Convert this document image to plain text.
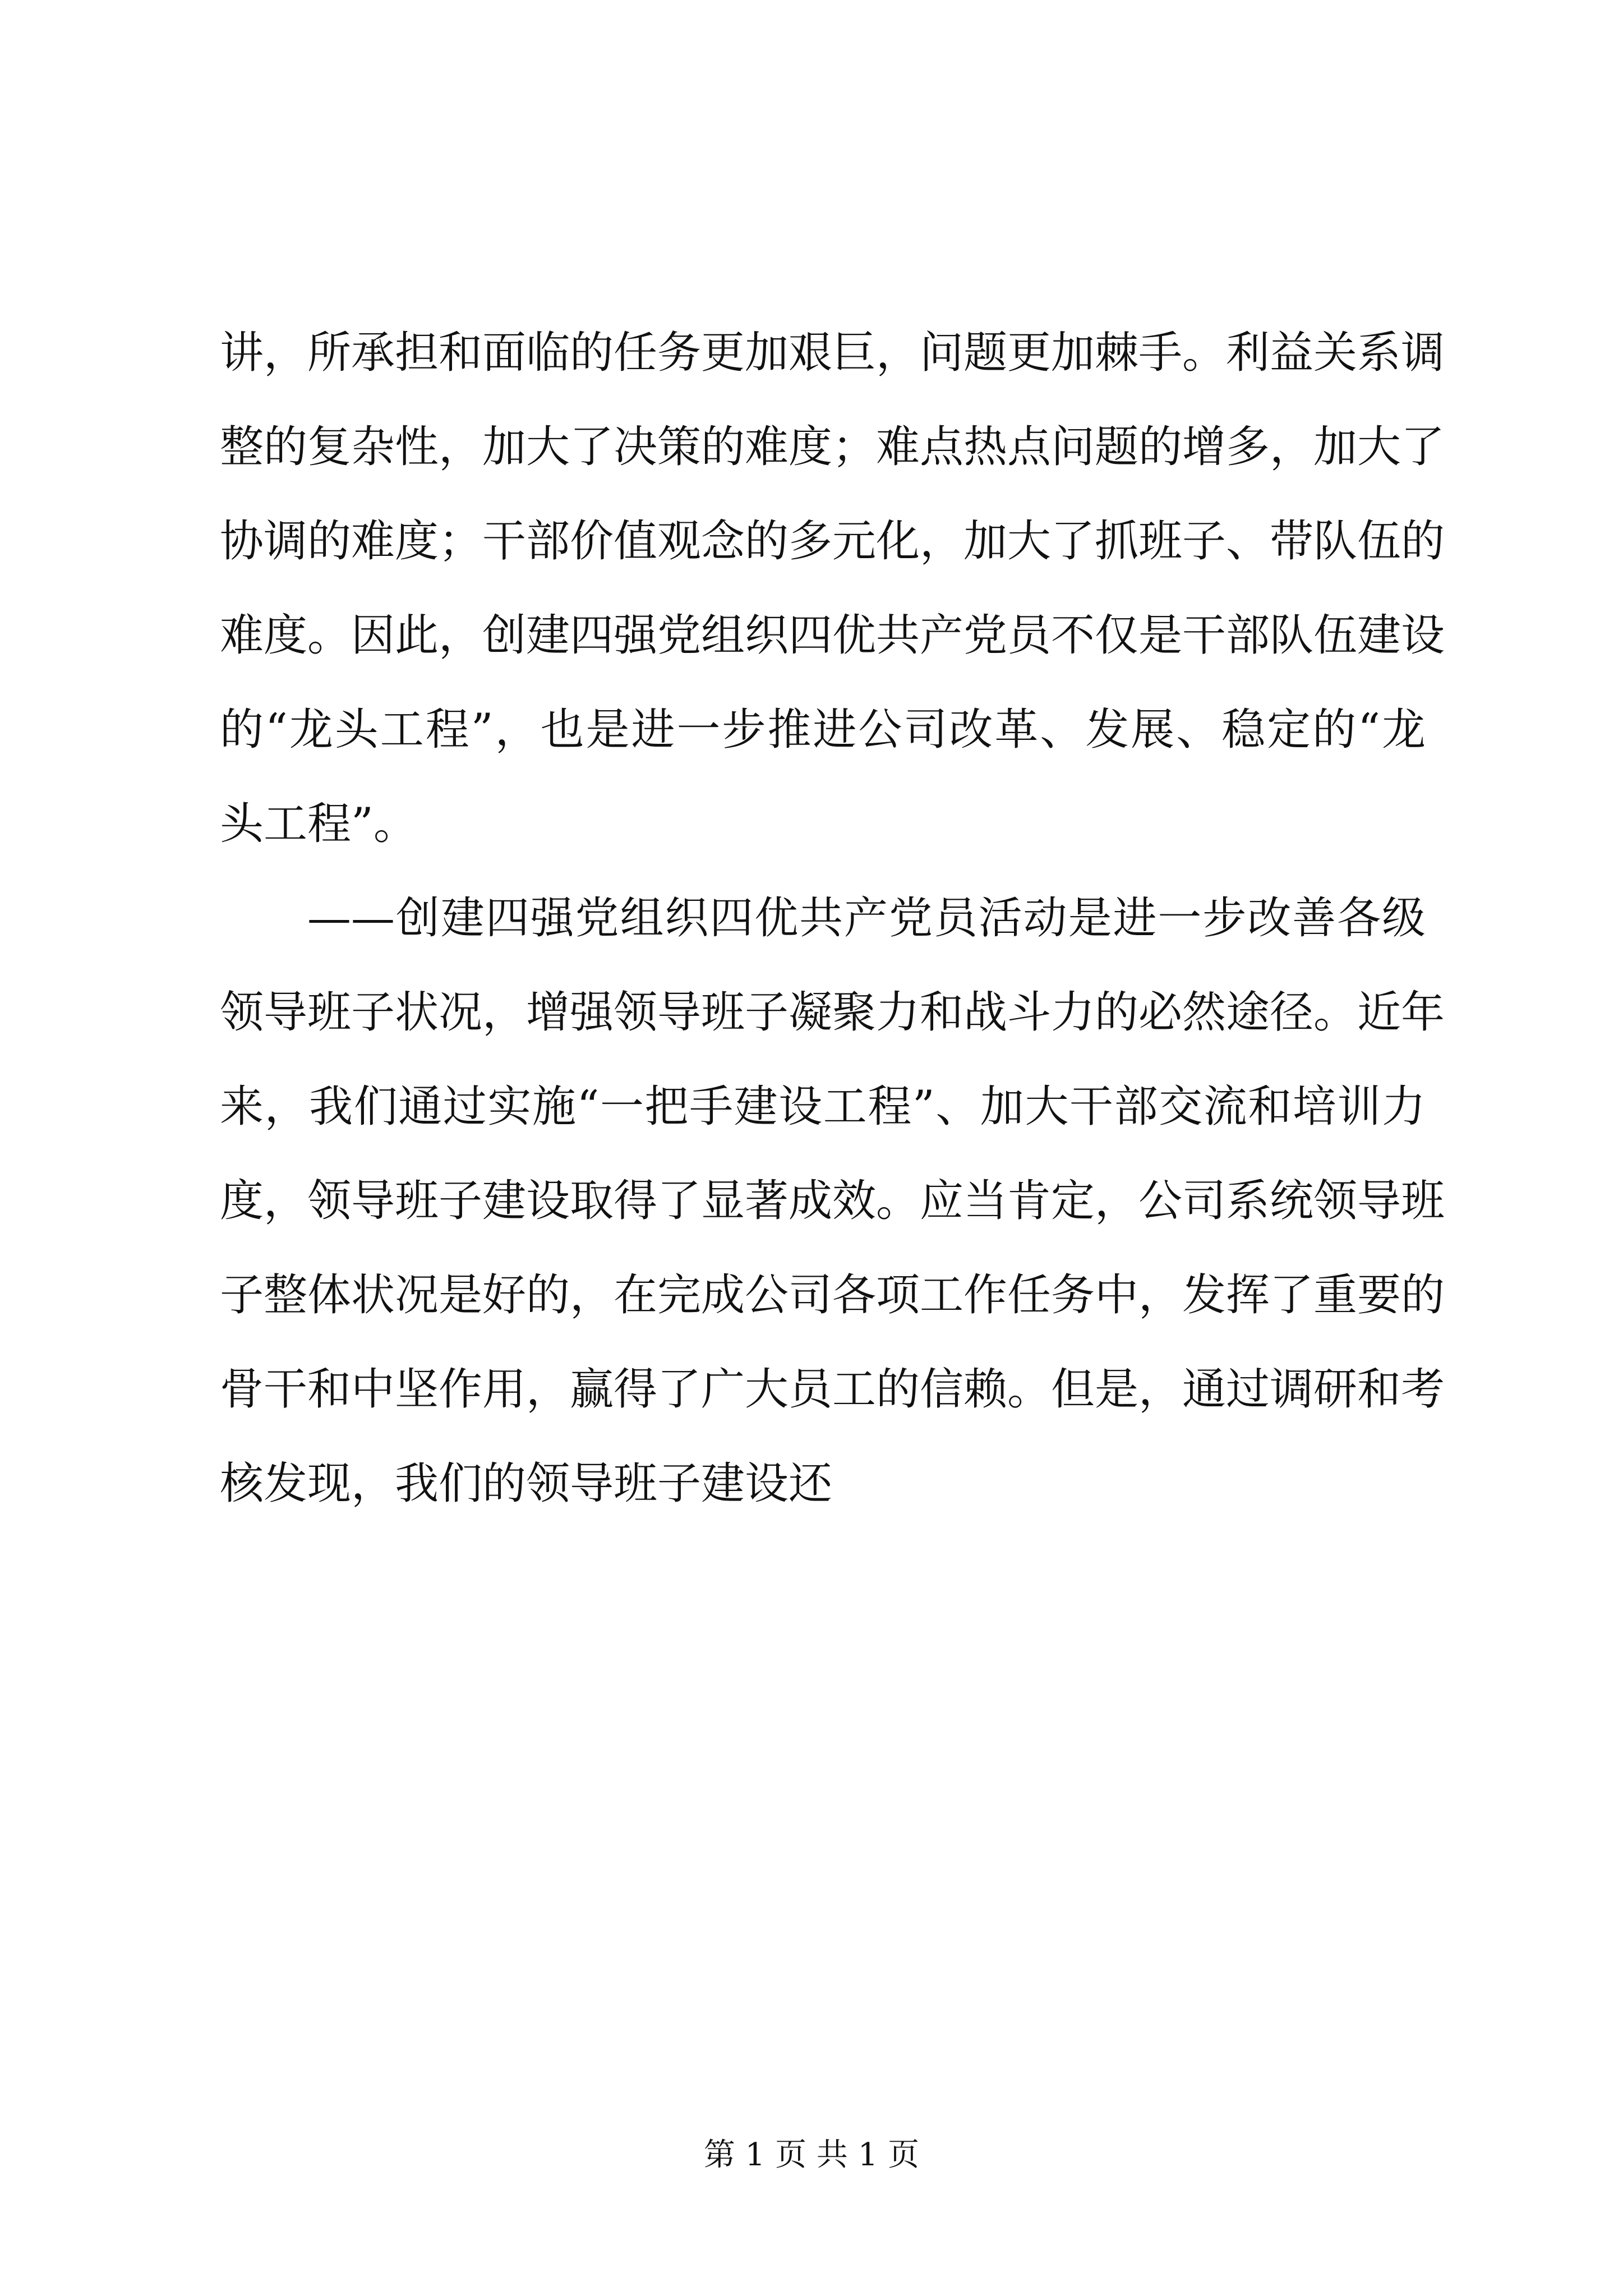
讲，所承担和面临的任务更加艰巨，问题更加棘手。利益关系调
整的复杂性，加大了决策的难度；难点热点问题的增多，加大了
协调的难度；干部价值观念的多元化，加大了抓班子、带队伍的
难度。因此，创建四强党组织四优共产党员不仅是干部队伍建设
的“龙头工程”，也是进一步推进公司改革、发展、稳定的“龙
头工程”。
——创建四强党组织四优共产党员活动是进一步改善各级
领导班子状况，增强领导班子凝聚力和战斗力的必然途径。近年
来，我们通过实施“一把手建设工程”、加大干部交流和培训力
度，领导班子建设取得了显著成效。应当肯定，公司系统领导班
子整体状况是好的，在完成公司各项工作任务中，发挥了重要的
骨干和中坚作用，赢得了广大员工的信赖。但是，通过调研和考
核发现，我们的领导班子建设还
第 1 页 共 1 页
